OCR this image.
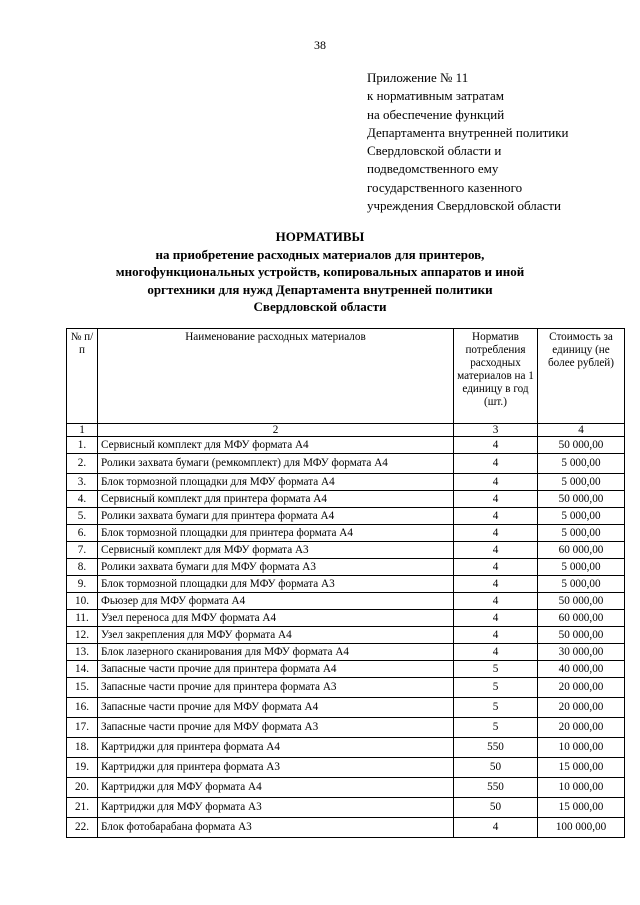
38
Приложение № 11
к нормативным затратам
на обеспечение функций
Департамента внутренней политики
Свердловской области и
подведомственного ему
государственного казенного
учреждения Свердловской области
НОРМАТИВЫ
на приобретение расходных материалов для принтеров,
многофункциональных устройств, копировальных аппаратов и иной
оргтехники для нужд Департамента внутренней политики
Свердловской области
№ п/п	Наименование расходных материалов	Норматив потребления расходных материалов на 1 единицу в год (шт.)	Стоимость за единицу (не более рублей)
1	2	3	4
1.	Сервисный комплект для МФУ формата А4	4	50 000,00
2.	Ролики захвата бумаги (ремкомплект) для МФУ формата А4	4	5 000,00
3.	Блок тормозной площадки для МФУ формата А4	4	5 000,00
4.	Сервисный комплект для принтера формата А4	4	50 000,00
5.	Ролики захвата бумаги для принтера формата А4	4	5 000,00
6.	Блок тормозной площадки для принтера формата А4	4	5 000,00
7.	Сервисный комплект для МФУ формата А3	4	60 000,00
8.	Ролики захвата бумаги для МФУ формата А3	4	5 000,00
9.	Блок тормозной площадки для МФУ формата А3	4	5 000,00
10.	Фьюзер для МФУ формата А4	4	50 000,00
11.	Узел переноса для МФУ формата А4	4	60 000,00
12.	Узел закрепления для МФУ формата А4	4	50 000,00
13.	Блок лазерного сканирования для МФУ формата А4	4	30 000,00
14.	Запасные части прочие для принтера формата А4	5	40 000,00
15.	Запасные части прочие для принтера формата А3	5	20 000,00
16.	Запасные части прочие для МФУ формата А4	5	20 000,00
17.	Запасные части прочие для МФУ формата А3	5	20 000,00
18.	Картриджи для принтера формата А4	550	10 000,00
19.	Картриджи для принтера формата А3	50	15 000,00
20.	Картриджи для МФУ формата А4	550	10 000,00
21.	Картриджи для МФУ формата А3	50	15 000,00
22.	Блок фотобарабана формата А3	4	100 000,00
